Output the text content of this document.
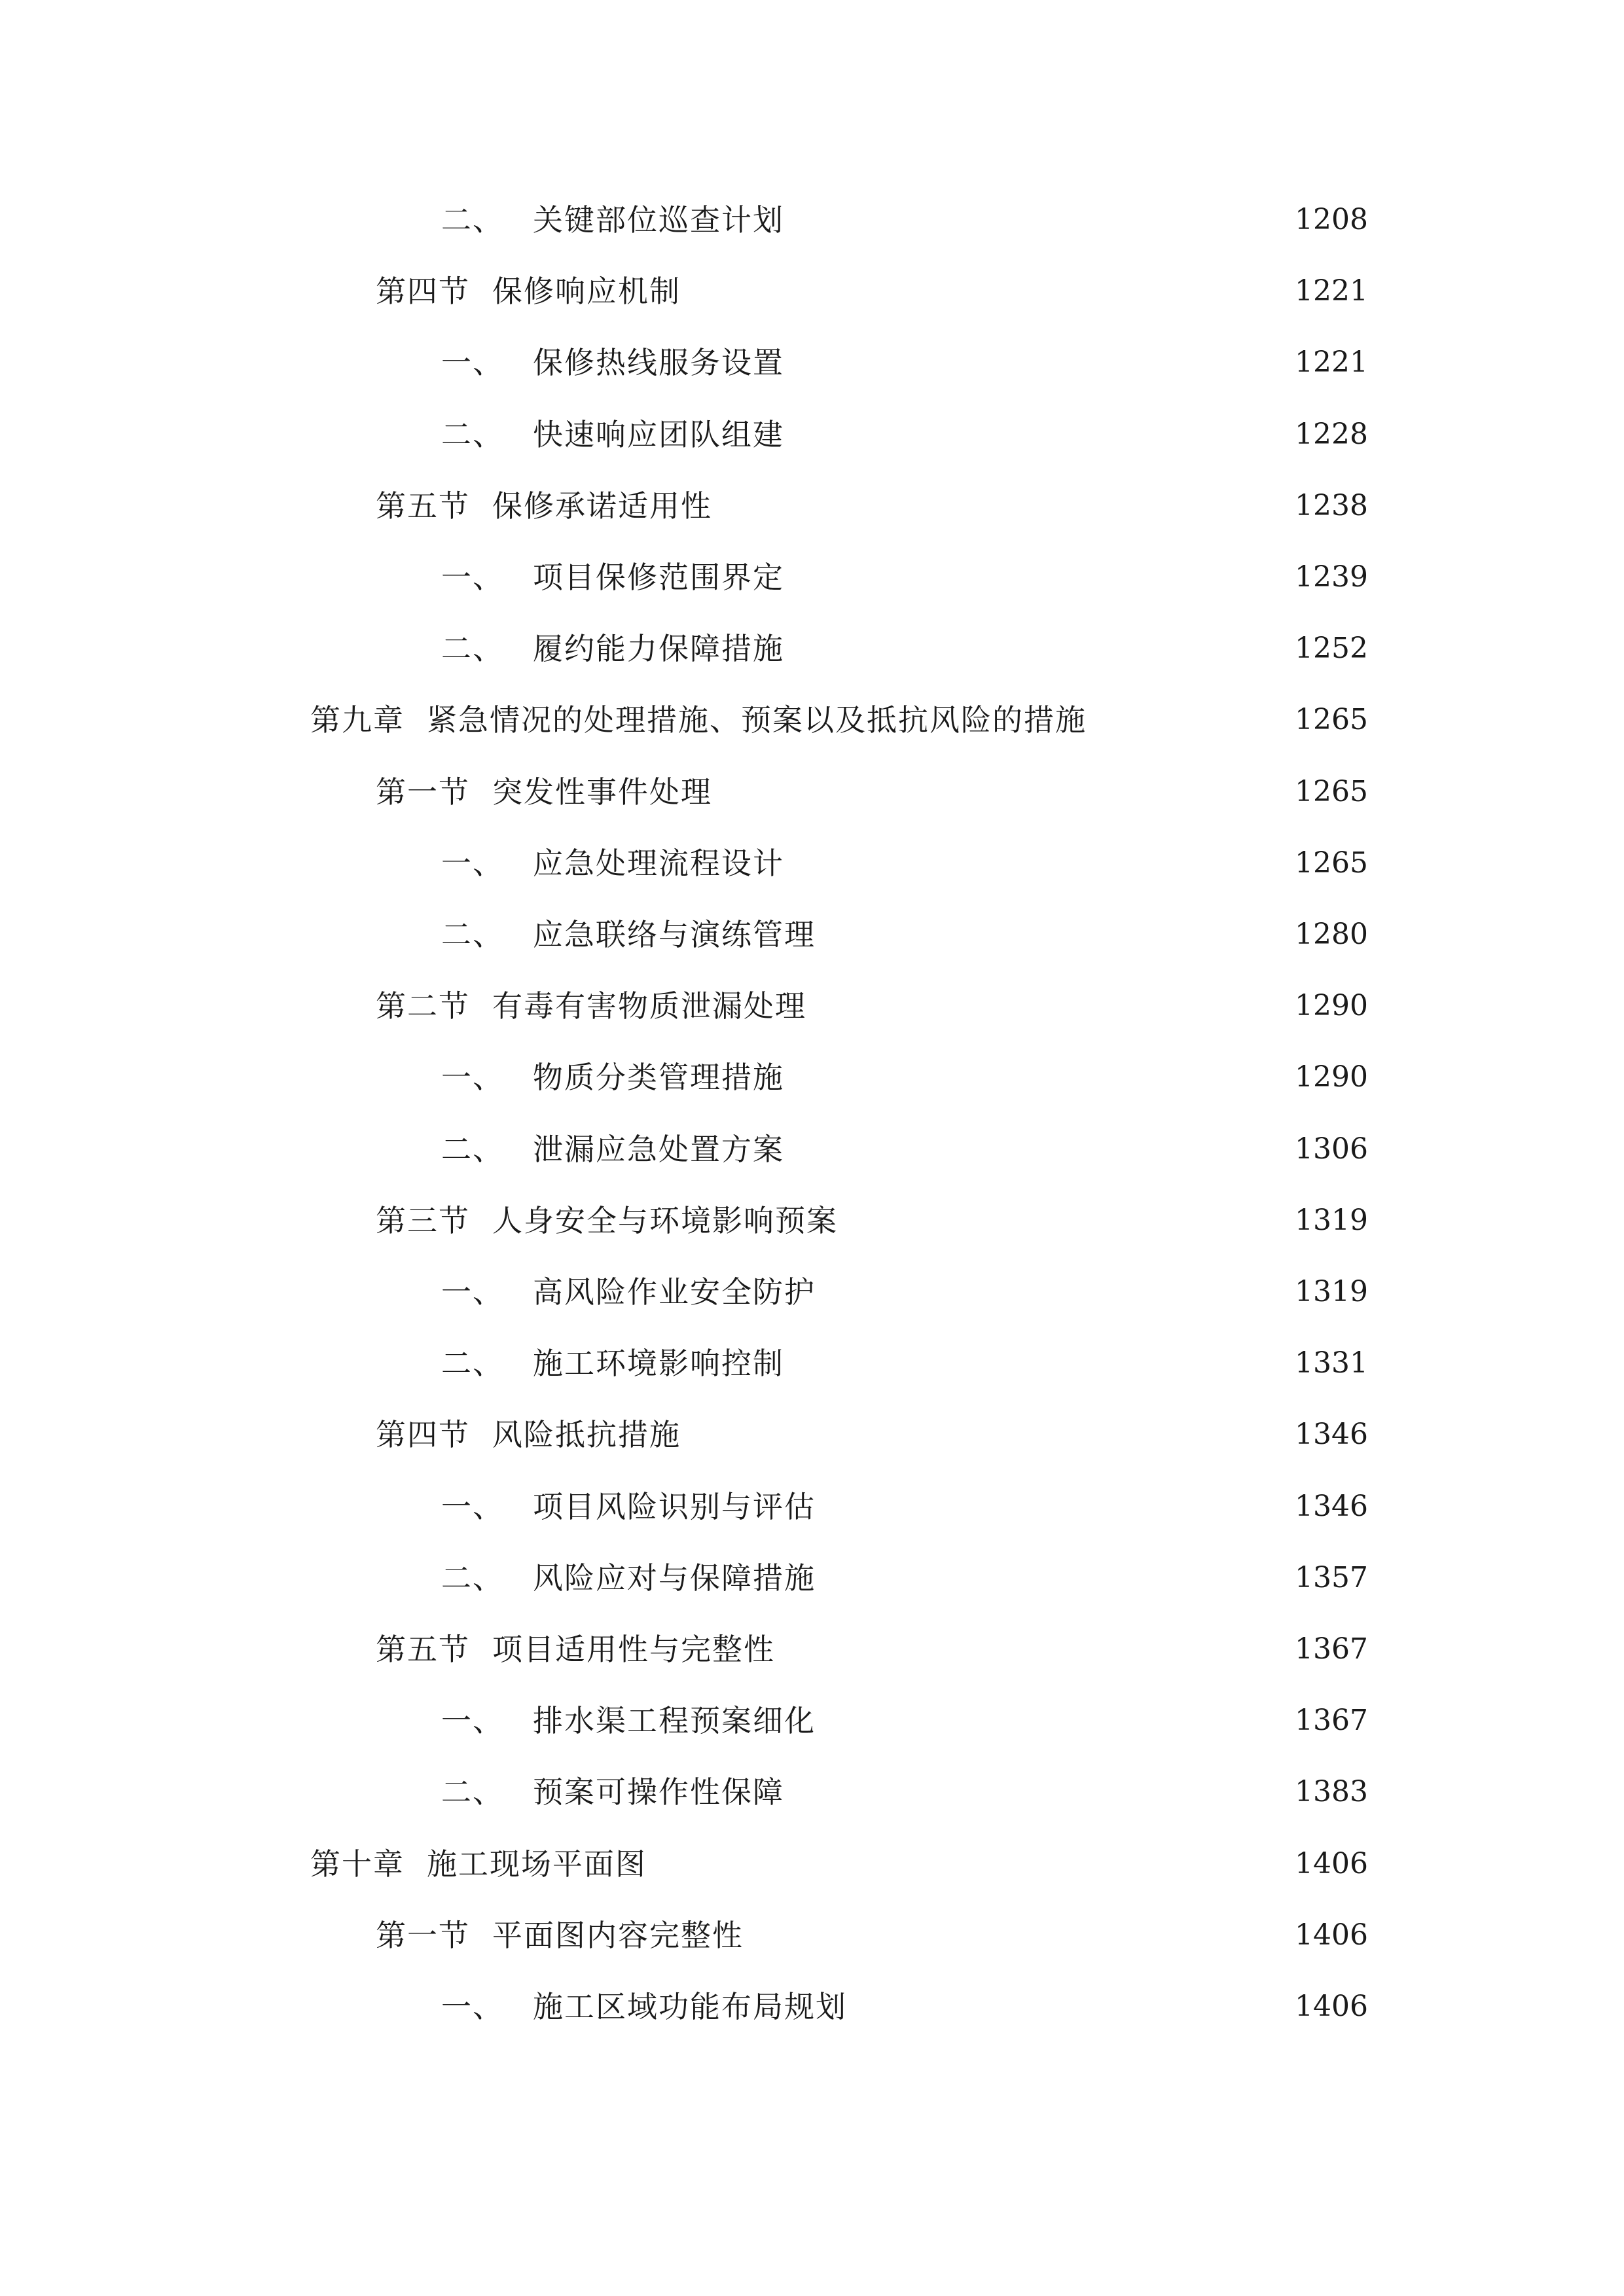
二、 关键部位巡查计划	1208
第四节 保修响应机制	1221
一、 保修热线服务设置	1221
二、 快速响应团队组建	1228
第五节 保修承诺适用性	1238
一、 项目保修范围界定	1239
二、 履约能力保障措施	1252
第九章 紧急情况的处理措施、预案以及抵抗风险的措施	1265
第一节 突发性事件处理	1265
一、 应急处理流程设计	1265
二、 应急联络与演练管理	1280
第二节 有毒有害物质泄漏处理	1290
一、 物质分类管理措施	1290
二、 泄漏应急处置方案	1306
第三节 人身安全与环境影响预案	1319
一、 高风险作业安全防护	1319
二、 施工环境影响控制	1331
第四节 风险抵抗措施	1346
一、 项目风险识别与评估	1346
二、 风险应对与保障措施	1357
第五节 项目适用性与完整性	1367
一、 排水渠工程预案细化	1367
二、 预案可操作性保障	1383
第十章 施工现场平面图	1406
第一节 平面图内容完整性	1406
一、 施工区域功能布局规划	1406
